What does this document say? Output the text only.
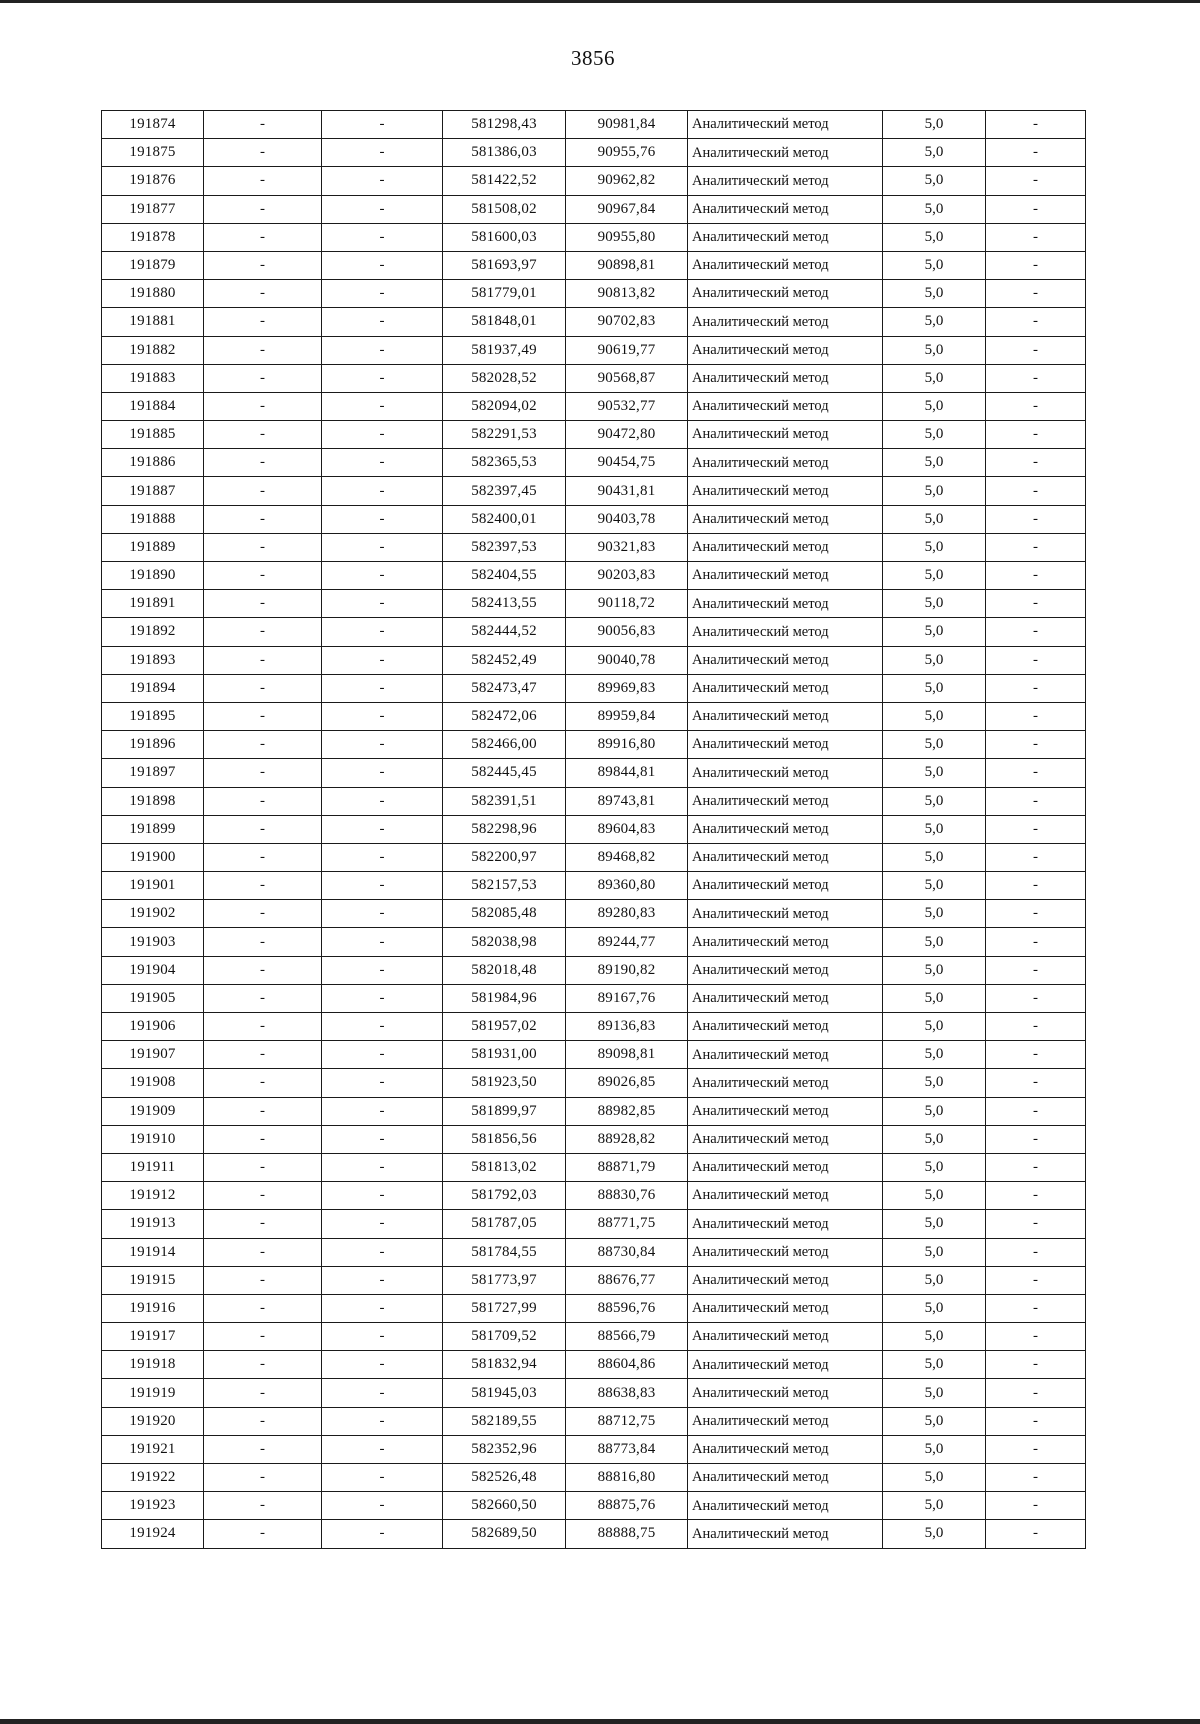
3856
191874	-	-	581298,43	90981,84	Аналитический метод	5,0	-
191875	-	-	581386,03	90955,76	Аналитический метод	5,0	-
191876	-	-	581422,52	90962,82	Аналитический метод	5,0	-
191877	-	-	581508,02	90967,84	Аналитический метод	5,0	-
191878	-	-	581600,03	90955,80	Аналитический метод	5,0	-
191879	-	-	581693,97	90898,81	Аналитический метод	5,0	-
191880	-	-	581779,01	90813,82	Аналитический метод	5,0	-
191881	-	-	581848,01	90702,83	Аналитический метод	5,0	-
191882	-	-	581937,49	90619,77	Аналитический метод	5,0	-
191883	-	-	582028,52	90568,87	Аналитический метод	5,0	-
191884	-	-	582094,02	90532,77	Аналитический метод	5,0	-
191885	-	-	582291,53	90472,80	Аналитический метод	5,0	-
191886	-	-	582365,53	90454,75	Аналитический метод	5,0	-
191887	-	-	582397,45	90431,81	Аналитический метод	5,0	-
191888	-	-	582400,01	90403,78	Аналитический метод	5,0	-
191889	-	-	582397,53	90321,83	Аналитический метод	5,0	-
191890	-	-	582404,55	90203,83	Аналитический метод	5,0	-
191891	-	-	582413,55	90118,72	Аналитический метод	5,0	-
191892	-	-	582444,52	90056,83	Аналитический метод	5,0	-
191893	-	-	582452,49	90040,78	Аналитический метод	5,0	-
191894	-	-	582473,47	89969,83	Аналитический метод	5,0	-
191895	-	-	582472,06	89959,84	Аналитический метод	5,0	-
191896	-	-	582466,00	89916,80	Аналитический метод	5,0	-
191897	-	-	582445,45	89844,81	Аналитический метод	5,0	-
191898	-	-	582391,51	89743,81	Аналитический метод	5,0	-
191899	-	-	582298,96	89604,83	Аналитический метод	5,0	-
191900	-	-	582200,97	89468,82	Аналитический метод	5,0	-
191901	-	-	582157,53	89360,80	Аналитический метод	5,0	-
191902	-	-	582085,48	89280,83	Аналитический метод	5,0	-
191903	-	-	582038,98	89244,77	Аналитический метод	5,0	-
191904	-	-	582018,48	89190,82	Аналитический метод	5,0	-
191905	-	-	581984,96	89167,76	Аналитический метод	5,0	-
191906	-	-	581957,02	89136,83	Аналитический метод	5,0	-
191907	-	-	581931,00	89098,81	Аналитический метод	5,0	-
191908	-	-	581923,50	89026,85	Аналитический метод	5,0	-
191909	-	-	581899,97	88982,85	Аналитический метод	5,0	-
191910	-	-	581856,56	88928,82	Аналитический метод	5,0	-
191911	-	-	581813,02	88871,79	Аналитический метод	5,0	-
191912	-	-	581792,03	88830,76	Аналитический метод	5,0	-
191913	-	-	581787,05	88771,75	Аналитический метод	5,0	-
191914	-	-	581784,55	88730,84	Аналитический метод	5,0	-
191915	-	-	581773,97	88676,77	Аналитический метод	5,0	-
191916	-	-	581727,99	88596,76	Аналитический метод	5,0	-
191917	-	-	581709,52	88566,79	Аналитический метод	5,0	-
191918	-	-	581832,94	88604,86	Аналитический метод	5,0	-
191919	-	-	581945,03	88638,83	Аналитический метод	5,0	-
191920	-	-	582189,55	88712,75	Аналитический метод	5,0	-
191921	-	-	582352,96	88773,84	Аналитический метод	5,0	-
191922	-	-	582526,48	88816,80	Аналитический метод	5,0	-
191923	-	-	582660,50	88875,76	Аналитический метод	5,0	-
191924	-	-	582689,50	88888,75	Аналитический метод	5,0	-
